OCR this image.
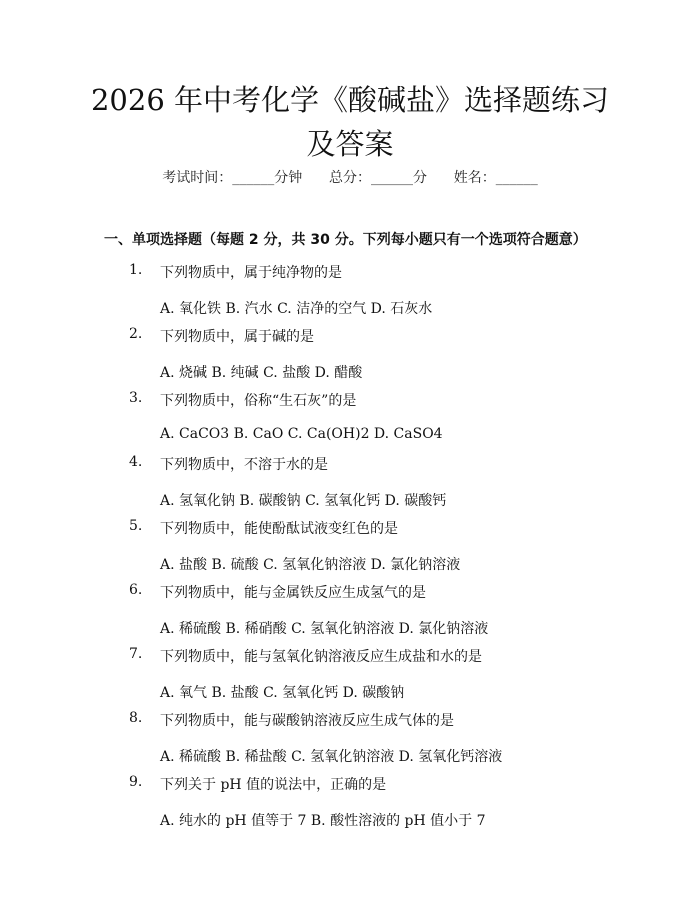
2026 年中考化学《酸碱盐》选择题练习及答案
考试时间：______分钟 总分：______分 姓名：______
一、单项选择题（每题 2 分，共 30 分。下列每小题只有一个选项符合题意）
1. 下列物质中，属于纯净物的是
A. 氧化铁 B. 汽水 C. 洁净的空气 D. 石灰水
2. 下列物质中，属于碱的是
A. 烧碱 B. 纯碱 C. 盐酸 D. 醋酸
3. 下列物质中，俗称“生石灰”的是
A. CaCO3 B. CaO C. Ca(OH)2 D. CaSO4
4. 下列物质中，不溶于水的是
A. 氢氧化钠 B. 碳酸钠 C. 氢氧化钙 D. 碳酸钙
5. 下列物质中，能使酚酞试液变红色的是
A. 盐酸 B. 硫酸 C. 氢氧化钠溶液 D. 氯化钠溶液
6. 下列物质中，能与金属铁反应生成氢气的是
A. 稀硫酸 B. 稀硝酸 C. 氢氧化钠溶液 D. 氯化钠溶液
7. 下列物质中，能与氢氧化钠溶液反应生成盐和水的是
A. 氧气 B. 盐酸 C. 氢氧化钙 D. 碳酸钠
8. 下列物质中，能与碳酸钠溶液反应生成气体的是
A. 稀硫酸 B. 稀盐酸 C. 氢氧化钠溶液 D. 氢氧化钙溶液
9. 下列关于 pH 值的说法中，正确的是
A. 纯水的 pH 值等于 7 B. 酸性溶液的 pH 值小于 7
